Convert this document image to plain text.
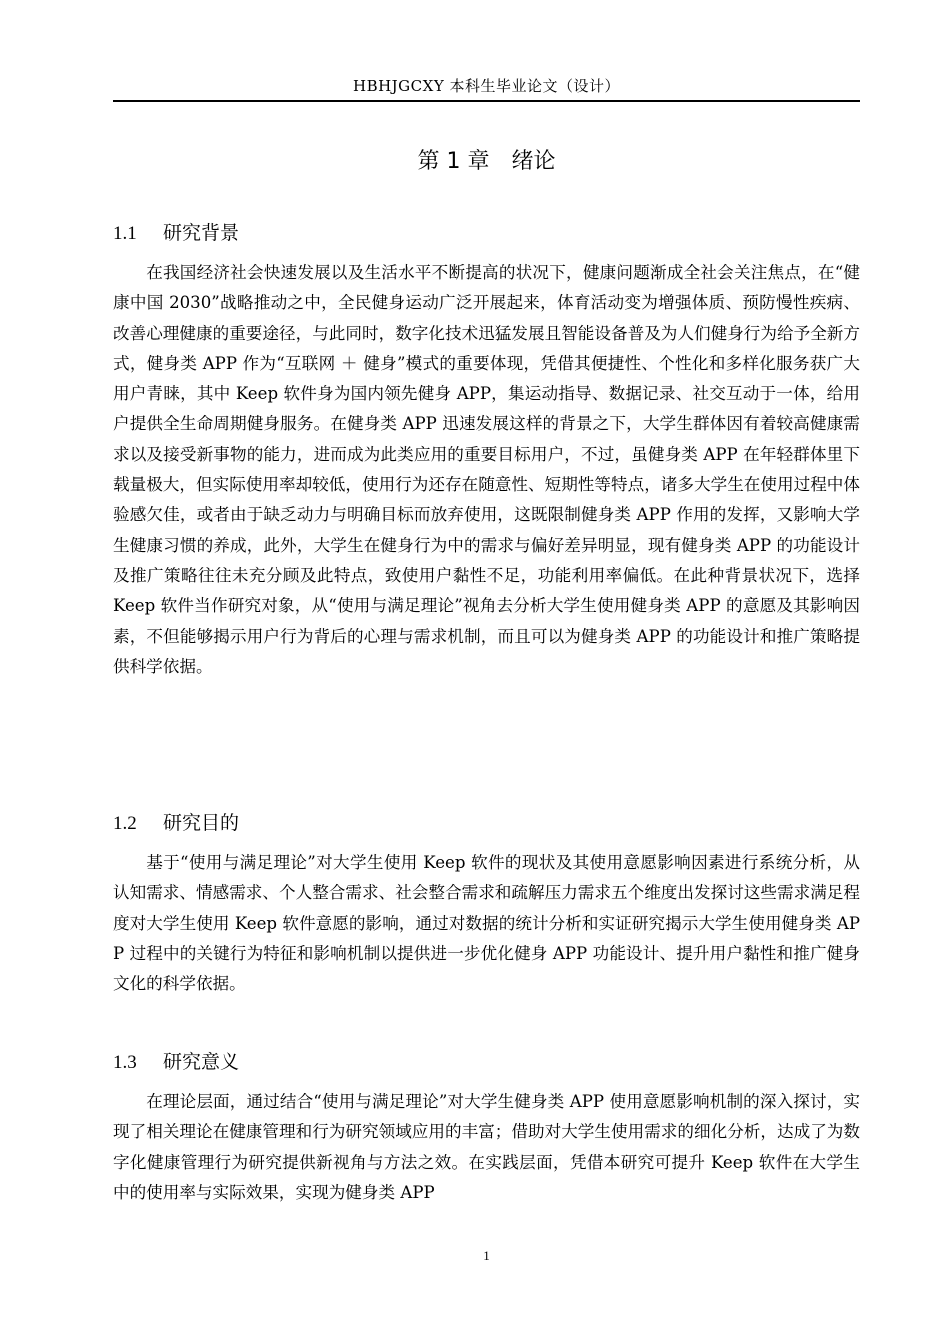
HBHJGCXY 本科生毕业论文（设计）
第 1 章 绪论
1.1 研究背景

在我国经济社会快速发展以及生活水平不断提高的状况下，健康问题渐成全社会关注焦点，在“健康中国 2030”战略推动之中，全民健身运动广泛开展起来，体育活动变为增强体质、预防慢性疾病、改善心理健康的重要途径，与此同时，数字化技术迅猛发展且智能设备普及为人们健身行为给予全新方式，健身类 APP 作为“互联网 ＋ 健身”模式的重要体现，凭借其便捷性、个性化和多样化服务获广大用户青睐，其中 Keep 软件身为国内领先健身 APP，集运动指导、数据记录、社交互动于一体，给用户提供全生命周期健身服务。在健身类 APP 迅速发展这样的背景之下，大学生群体因有着较高健康需求以及接受新事物的能力，进而成为此类应用的重要目标用户，不过，虽健身类 APP 在年轻群体里下载量极大，但实际使用率却较低，使用行为还存在随意性、短期性等特点，诸多大学生在使用过程中体验感欠佳，或者由于缺乏动力与明确目标而放弃使用，这既限制健身类 APP 作用的发挥，又影响大学生健康习惯的养成，此外，大学生在健身行为中的需求与偏好差异明显，现有健身类 APP 的功能设计及推广策略往往未充分顾及此特点，致使用户黏性不足，功能利用率偏低。在此种背景状况下，选择 Keep 软件当作研究对象，从“使用与满足理论”视角去分析大学生使用健身类 APP 的意愿及其影响因素，不但能够揭示用户行为背后的心理与需求机制，而且可以为健身类 APP 的功能设计和推广策略提供科学依据。

1.2 研究目的

基于“使用与满足理论”对大学生使用 Keep 软件的现状及其使用意愿影响因素进行系统分析，从认知需求、情感需求、个人整合需求、社会整合需求和疏解压力需求五个维度出发探讨这些需求满足程度对大学生使用 Keep 软件意愿的影响，通过对数据的统计分析和实证研究揭示大学生使用健身类 APP 过程中的关键行为特征和影响机制以提供进一步优化健身 APP 功能设计、提升用户黏性和推广健身文化的科学依据。

1.3 研究意义

在理论层面，通过结合“使用与满足理论”对大学生健身类 APP 使用意愿影响机制的深入探讨，实现了相关理论在健康管理和行为研究领域应用的丰富；借助对大学生使用需求的细化分析，达成了为数字化健康管理行为研究提供新视角与方法之效。在实践层面，凭借本研究可提升 Keep 软件在大学生中的使用率与实际效果，实现为健身类 APP

1
